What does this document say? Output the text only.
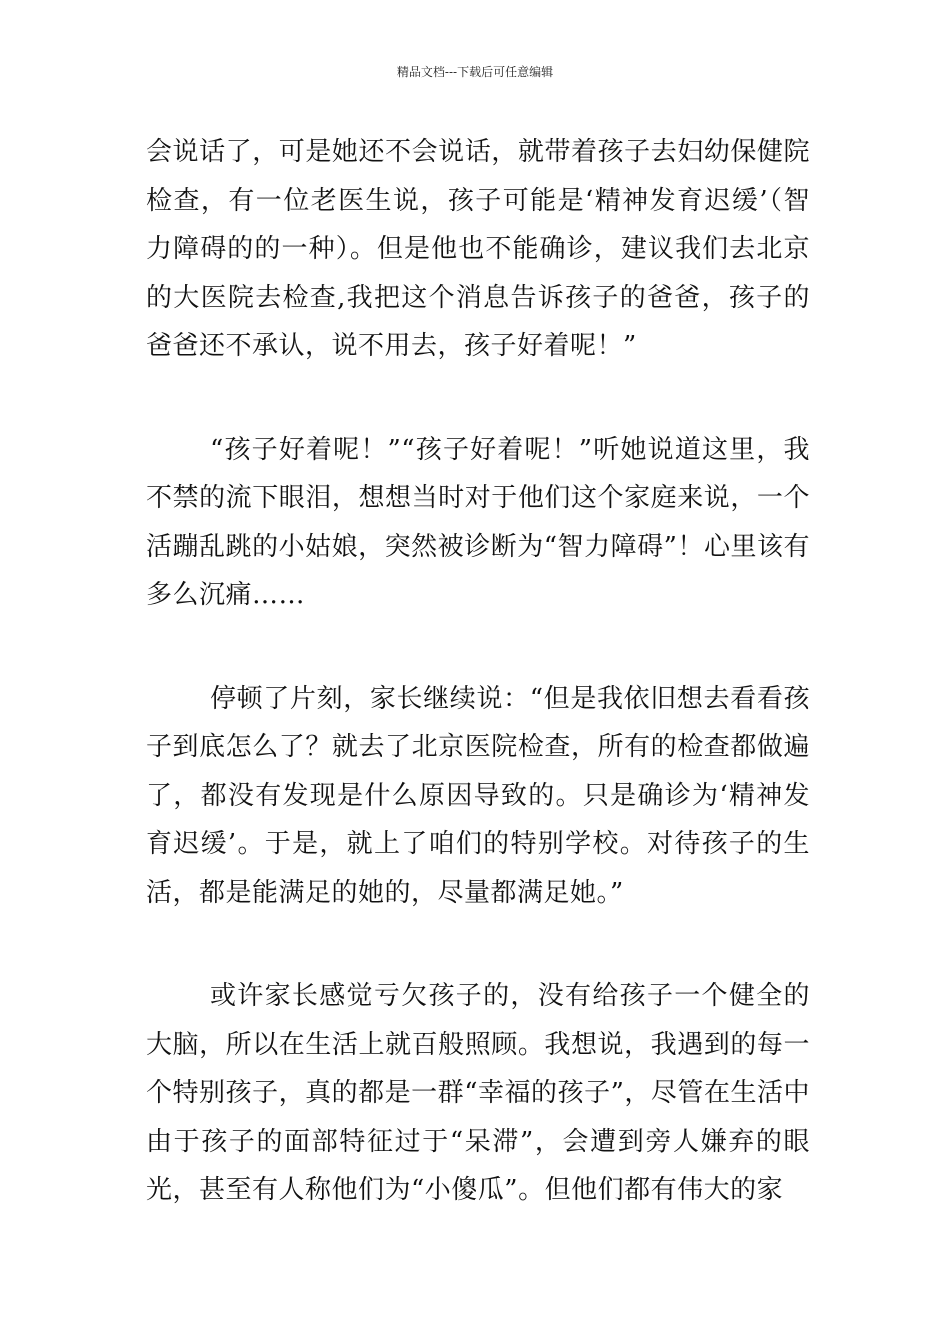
精品文档---下载后可任意编辑

会说话了，可是她还不会说话，就带着孩子去妇幼保健院检查，有一位老医生说，孩子可能是‘精神发育迟缓’（智力障碍的的一种）。但是他也不能确诊，建议我们去北京的大医院去检查,我把这个消息告诉孩子的爸爸，孩子的爸爸还不承认，说不用去，孩子好着呢！”

“孩子好着呢！”“孩子好着呢！”听她说道这里，我不禁的流下眼泪，想想当时对于他们这个家庭来说，一个活蹦乱跳的小姑娘，突然被诊断为“智力障碍”！心里该有多么沉痛……

停顿了片刻，家长继续说：“但是我依旧想去看看孩子到底怎么了？就去了北京医院检查，所有的检查都做遍了，都没有发现是什么原因导致的。只是确诊为‘精神发育迟缓’。于是，就上了咱们的特别学校。对待孩子的生活，都是能满足的她的，尽量都满足她。”

或许家长感觉亏欠孩子的，没有给孩子一个健全的大脑，所以在生活上就百般照顾。我想说，我遇到的每一个特别孩子，真的都是一群“幸福的孩子”，尽管在生活中由于孩子的面部特征过于“呆滞”，会遭到旁人嫌弃的眼光，甚至有人称他们为“小傻瓜”。但他们都有伟大的家
